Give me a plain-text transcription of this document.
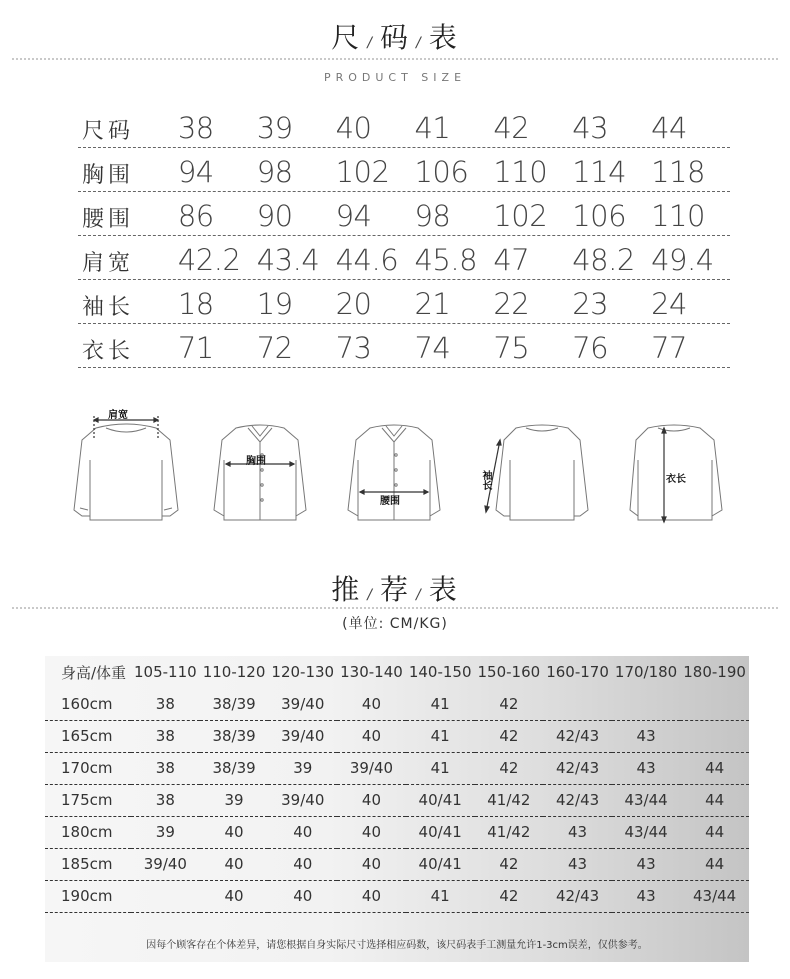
尺 / 码 / 表
PRODUCT SIZE
尺码	38	39	40	41	42	43	44
胸围	94	98	102 106 110 114 118
腰围	86	90	94	98	102 106 110
肩宽	42.2 43.4 44.6 45.8 47	48.2 49.4
袖长	18	19	20	21	22	23	24
衣长	71	72	73	74	75	76	77
肩宽
胸围
腰围
袖长	衣长
推 / 荐 / 表
(单位: CM/KG)
身高/体重	105-110	110-120	120-130	130-140	140-150	150-160	160-170	170/180	180-190
160cm	38	38/39	39/40	40	41	42			
165cm	38	38/39	39/40	40	41	42	42/43	43	
170cm	38	38/39	39	39/40	41	42	42/43	43	44
175cm	38	39	39/40	40	40/41	41/42	42/43	43/44	44
180cm	39	40	40	40	40/41	41/42	43	43/44	44
185cm	39/40	40	40	40	40/41	42	43	43	44
190cm		40	40	40	41	42	42/43	43	43/44
因每个顾客存在个体差异，请您根据自身实际尺寸选择相应码数，该尺码表手工测量允许1-3cm误差，仅供参考。
